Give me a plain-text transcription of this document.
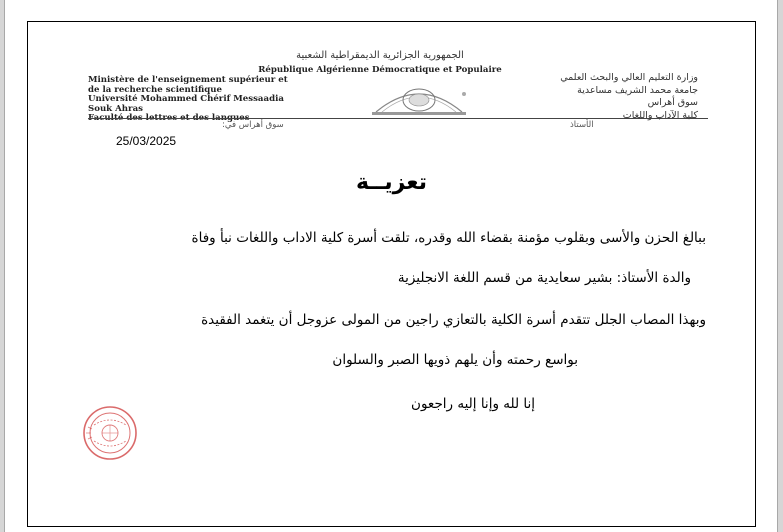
الجمهورية الجزائرية الديمقراطية الشعبية
République Algérienne Démocratique et Populaire
Ministère de l'enseignement supérieur et
de la recherche scientifique
Université Mohammed Chérif Messaadia
Souk Ahras
Faculté des lettres et des langues
وزارة التعليم العالي والبحث العلمي
جامعة محمد الشريف مساعدية
سوق أهراس
كلية الآداب واللغات
سوق أهراس في:	الأستاذ
25/03/2025
تعزيــة
ببالغ الحزن والأسى وبقلوب مؤمنة بقضاء الله وقدره، تلقت أسرة كلية الاداب واللغات نبأ وفاة
والدة الأستاذ: بشير سعايدية من قسم اللغة الانجليزية
وبهذا المصاب الجلل تتقدم أسرة الكلية بالتعازي راجين من المولى عزوجل أن يتغمد الفقيدة
بواسع رحمته وأن يلهم ذويها الصبر والسلوان
إنا لله وإنا إليه راجعون
